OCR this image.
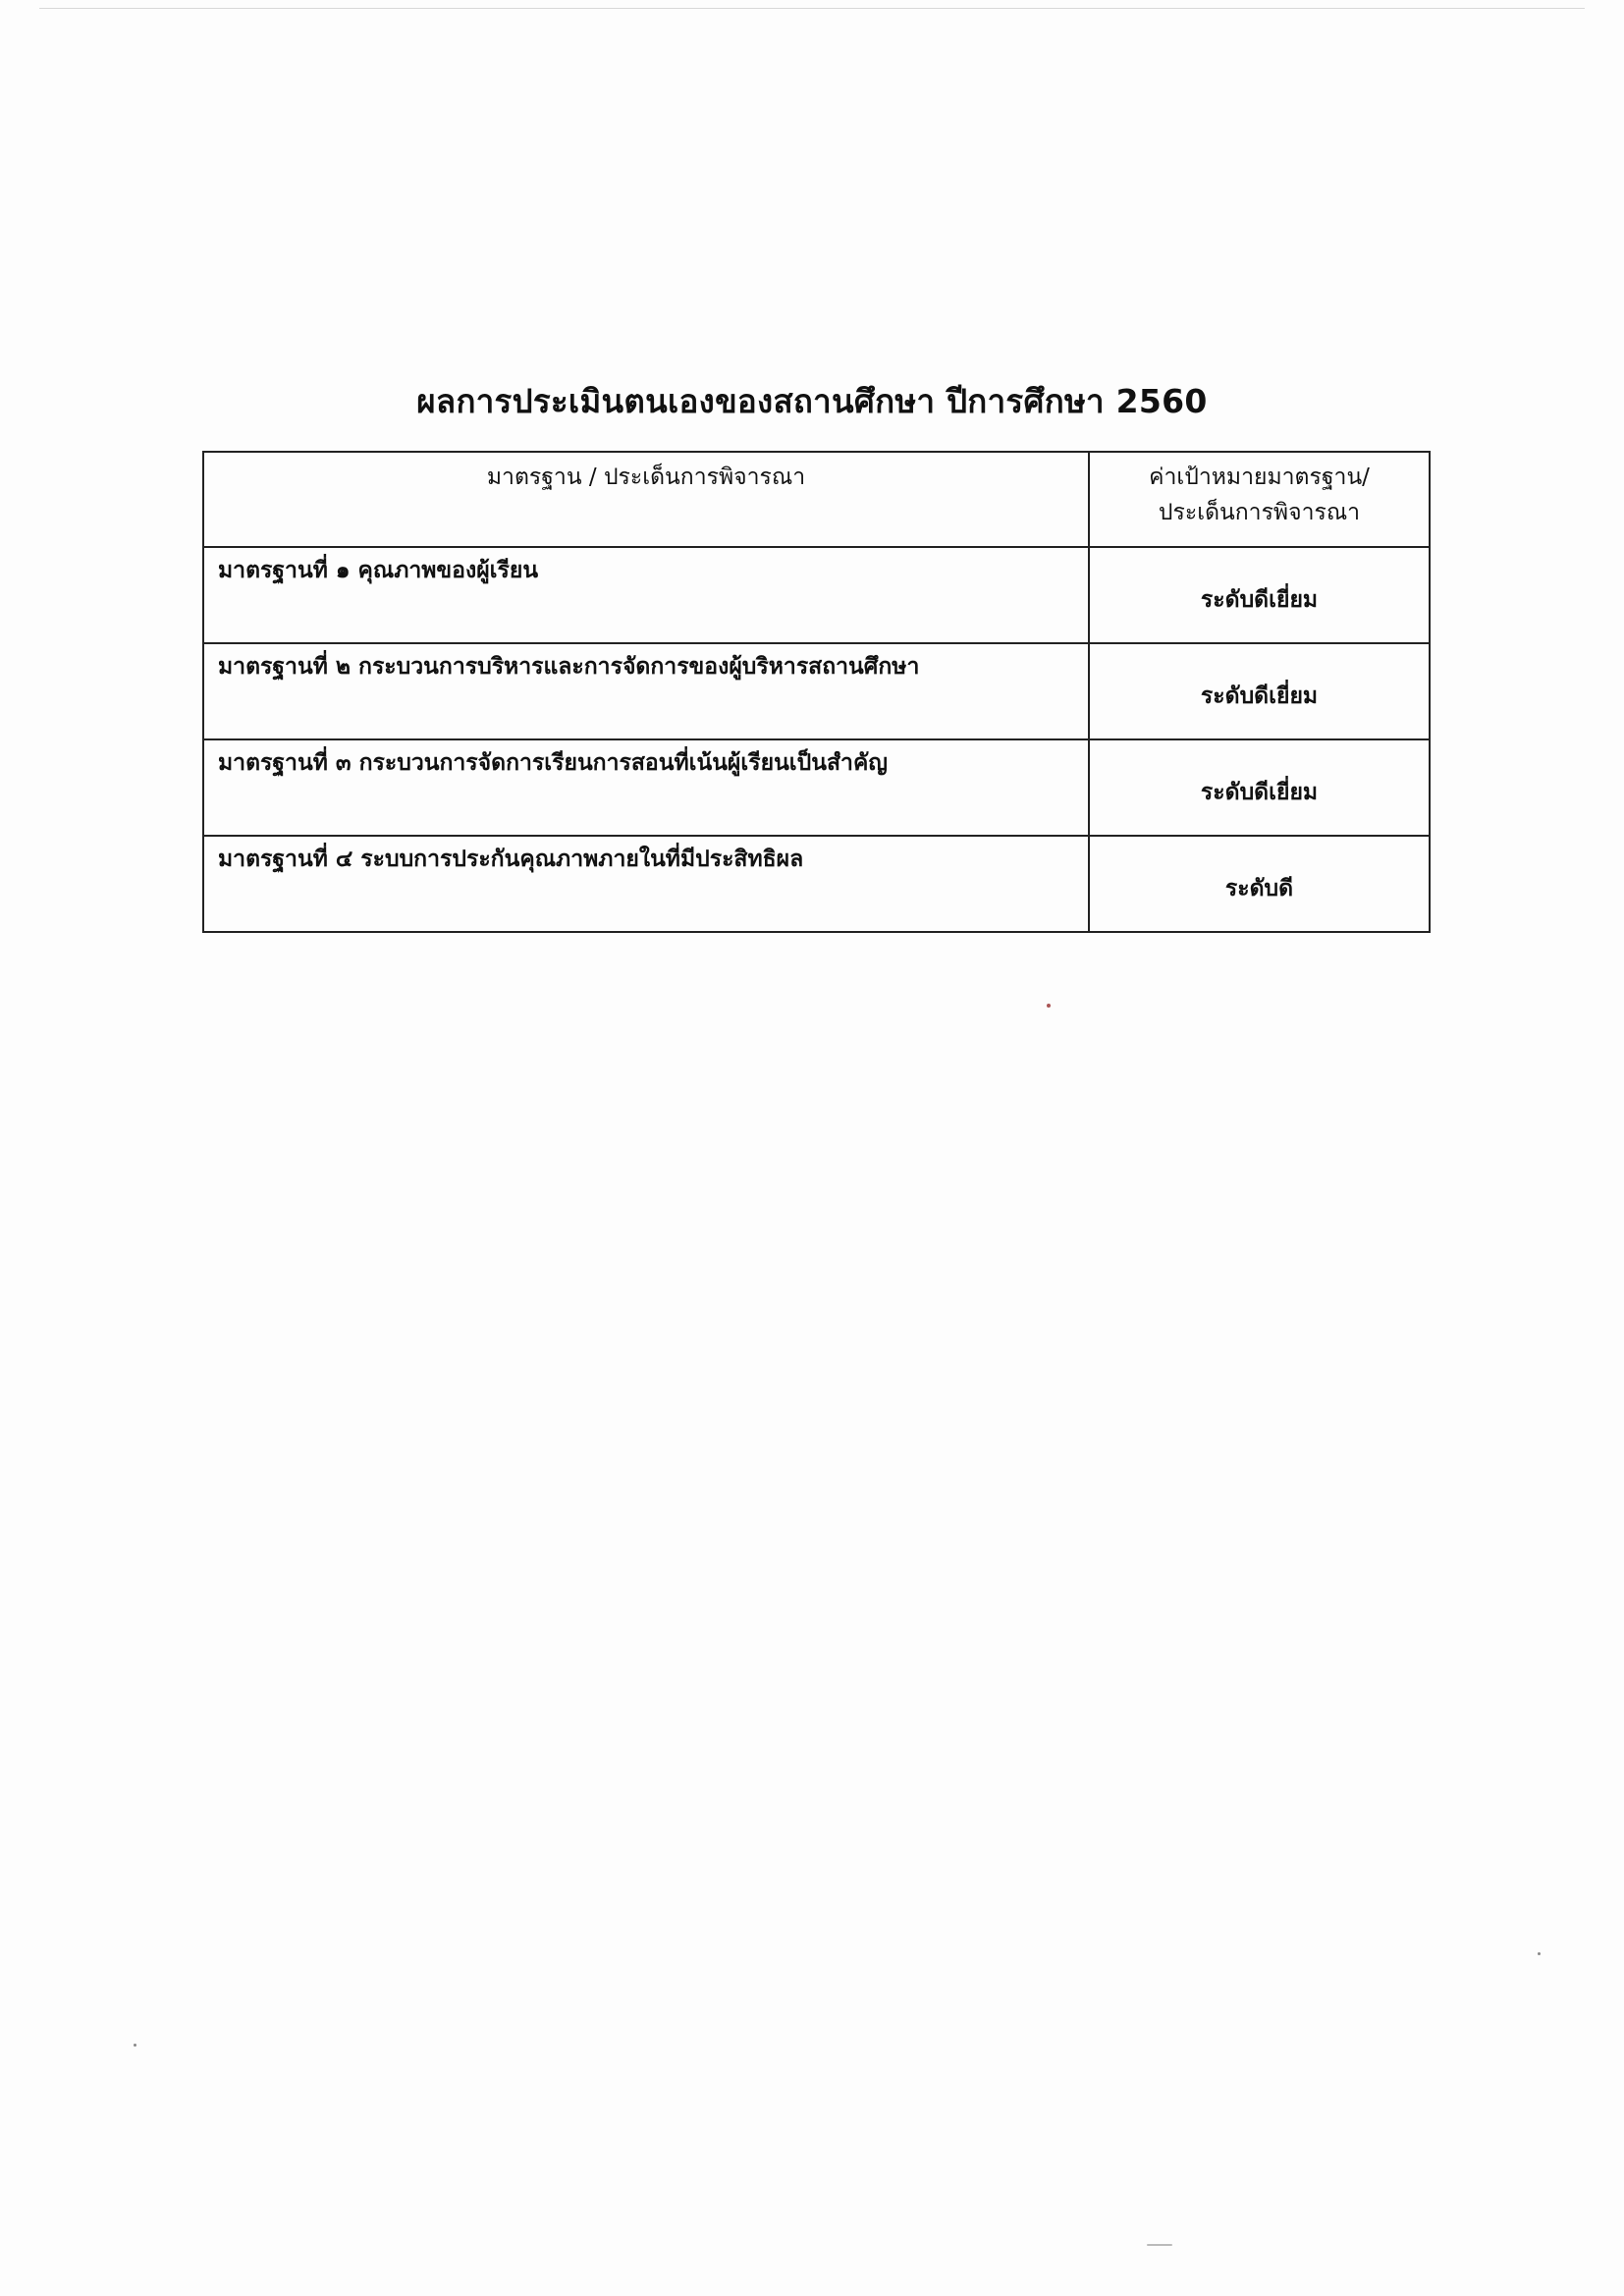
ผลการประเมินตนเองของสถานศึกษา ปีการศึกษา 2560
มาตรฐาน / ประเด็นการพิจารณา	ค่าเป้าหมายมาตรฐาน/
ประเด็นการพิจารณา

มาตรฐานที่ ๑ คุณภาพของผู้เรียน	ระดับดีเยี่ยม
มาตรฐานที่ ๒ กระบวนการบริหารและการจัดการของผู้บริหารสถานศึกษา	ระดับดีเยี่ยม
มาตรฐานที่ ๓ กระบวนการจัดการเรียนการสอนที่เน้นผู้เรียนเป็นสำคัญ	ระดับดีเยี่ยม
มาตรฐานที่ ๔ ระบบการประกันคุณภาพภายในที่มีประสิทธิผล	ระดับดี
